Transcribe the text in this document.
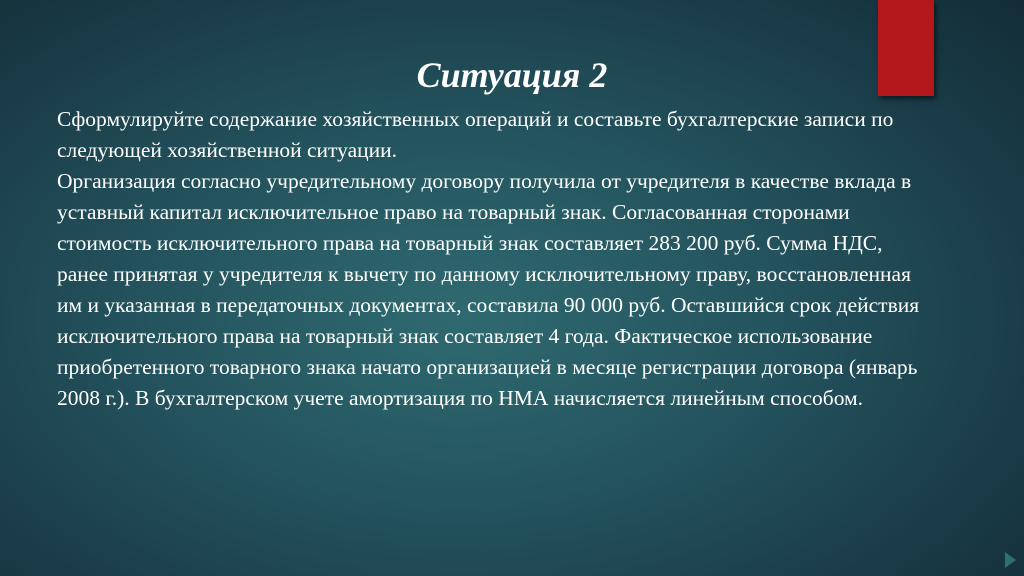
Ситуация 2

Сформулируйте содержание хозяйственных операций и составьте бухгалтерские записи по следующей хозяйственной ситуации.

Организация согласно учредительному договору получила от учредителя в качестве вклада в уставный капитал исключительное право на товарный знак. Согласованная сторонами стоимость исключительного права на товарный знак составляет 283 200 руб. Сумма НДС, ранее принятая у учредителя к вычету по данному исключительному праву, восстановленная им и указанная в передаточных документах, составила 90 000 руб. Оставшийся срок действия исключительного права на товарный знак составляет 4 года. Фактическое использование приобретенного товарного знака начато организацией в месяце регистрации договора (январь 2008 г.). В бухгалтерском учете амортизация по НМА начисляется линейным способом.
